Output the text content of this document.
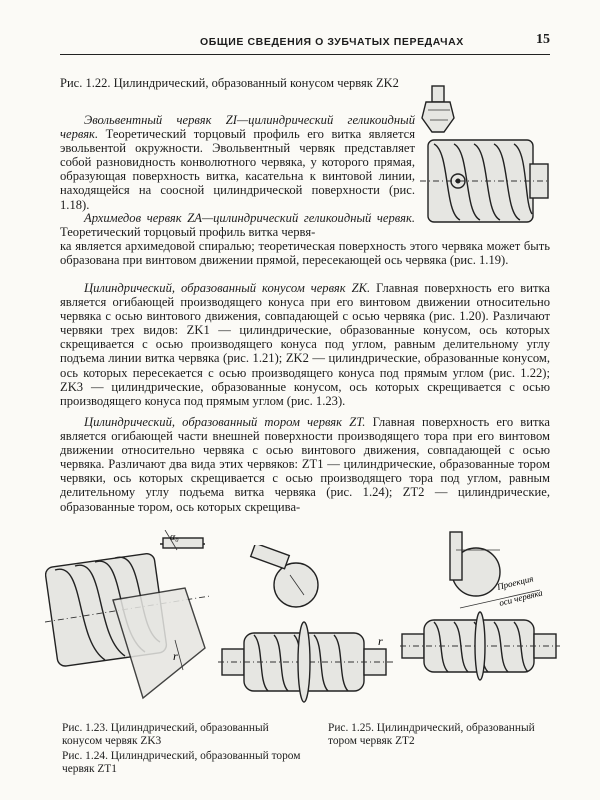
ОБЩИЕ СВЕДЕНИЯ О ЗУБЧАТЫХ ПЕРЕДАЧАХ	15
Рис. 1.22. Цилиндрический, образованный конусом червяк ZK2

Эвольвентный червяк ZI—цилиндрический геликоидный червяк. Теоретический торцовый профиль его витка является эвольвентой окружности. Эвольвентный червяк представляет собой разновидность конволютного червяка, у которого прямая, образующая поверхность витка, касательна к винтовой линии, находящейся на соосной цилиндрической поверхности (рис. 1.18).

Архимедов червяк ZA—цилиндрический геликоидный червяк. Теоретический торцовый профиль витка червя-

ка является архимедовой спиралью; теоретическая поверхность этого червяка может быть образована при винтовом движении прямой, пересекающей ось червяка (рис. 1.19).

Цилиндрический, образованный конусом червяк ZK. Главная поверхность его витка является огибающей производящего конуса при его винтовом движении относительно червяка с осью винтового движения, совпадающей с осью червяка (рис. 1.20). Различают червяки трех видов: ZK1 — цилиндрические, образованные конусом, ось которых скрещивается с осью производящего конуса под углом, равным делительному углу подъема линии витка червяка (рис. 1.21); ZK2 — цилиндрические, образованные конусом, ось которых пересекается с осью производящего конуса под прямым углом (рис. 1.22); ZK3 — цилиндрические, образованные конусом, ось которых скрещивается с осью производящего конуса под прямым углом (рис. 1.23).

Цилиндрический, образованный тором червяк ZT. Главная поверхность его витка является огибающей части внешней поверхности производящего тора при его винтовом движении относительно червяка с осью винтового движения, совпадающей с осью червяка. Различают два вида этих червяков: ZT1 — цилиндрические, образованные тором червяки, ось которых скрещивается с осью производящего тора под углом, равным делительному углу подъема витка червяка (рис. 1.24); ZT2 — цилиндрические, образованные тором, ось которых скрещива-

α₀
r
r
Проекция
оси червяка
Рис. 1.23. Цилиндрический, образованный конусом червяк ZK3
Рис. 1.24. Цилиндрический, образованный тором червяк ZT1
Рис. 1.25. Цилиндрический, образованный тором червяк ZT2
